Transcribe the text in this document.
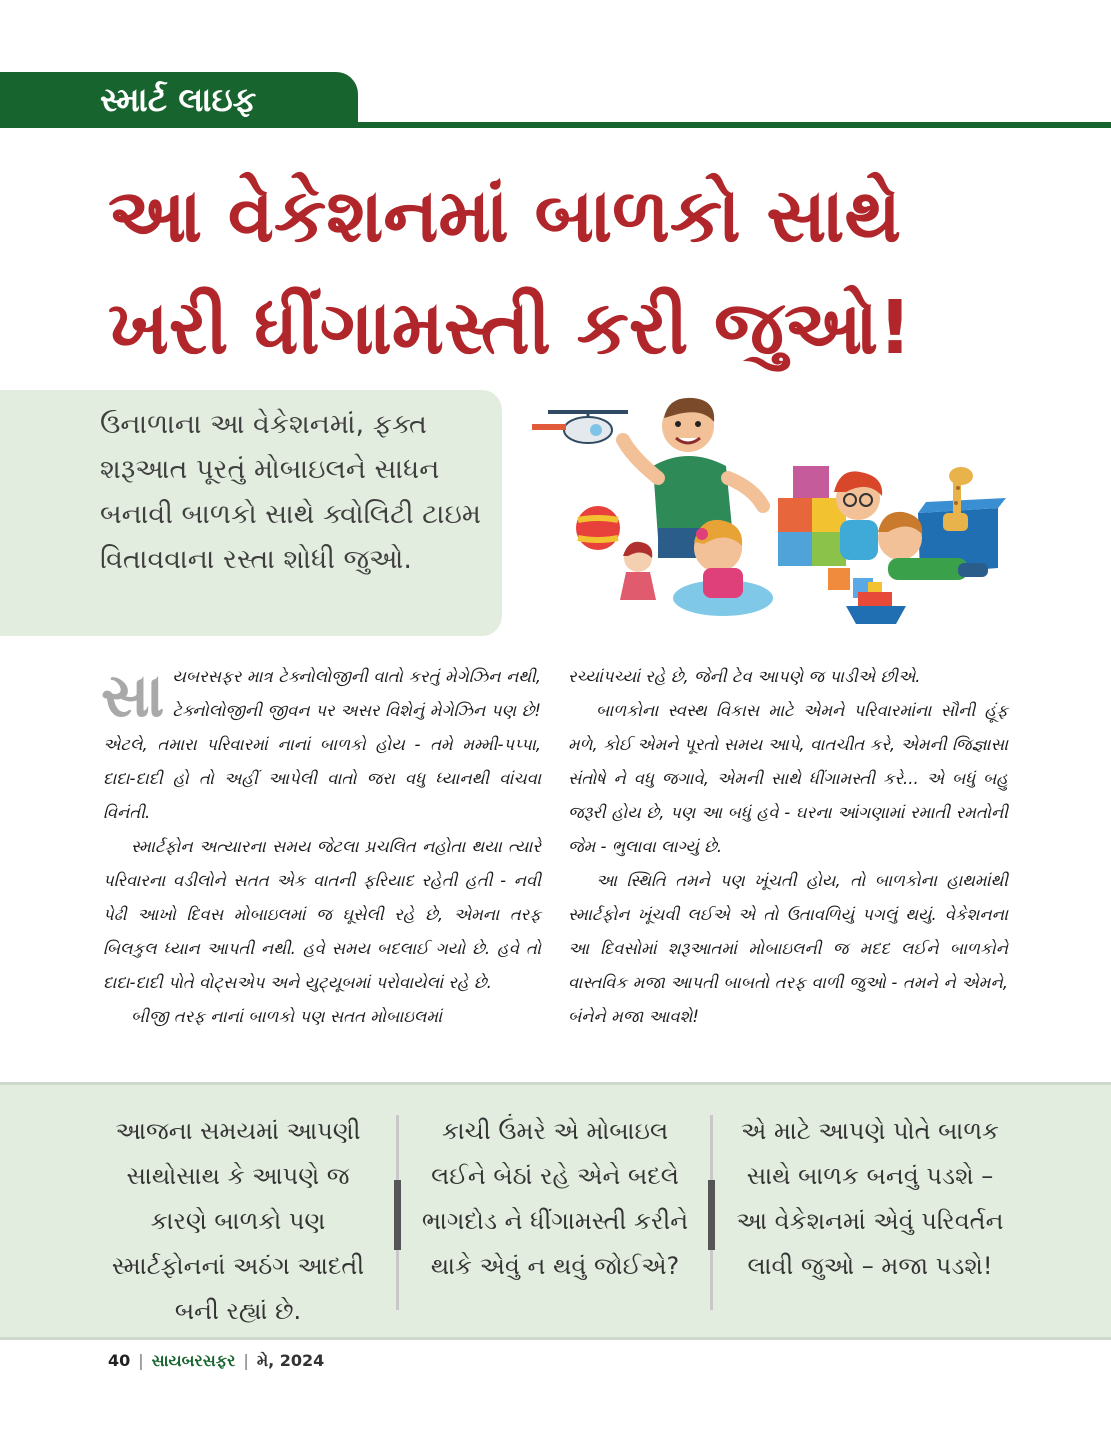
સ્માર્ટ લાઇફ
આ વેકેશનમાં બાળકો સાથે
ખરી ધીંગામસ્તી કરી જુઓ!
ઉનાળાના આ વેકેશનમાં, ફક્ત શરૂઆત પૂરતું મોબાઇલને સાધન બનાવી બાળકો સાથે ક્વોલિટી ટાઇમ વિતાવવાના રસ્તા શોધી જુઓ.

સાયબરસફર માત્ર ટેક્નોલોજીની વાતો કરતું મેગેઝિન નથી, ટેક્નોલોજીની જીવન પર અસર વિશેનું મેગેઝિન પણ છે! એટલે, તમારા પરિવારમાં નાનાં બાળકો હોય - તમે મમ્મી-પપ્પા, દાદા-દાદી હો તો અહીં આપેલી વાતો જરા વધુ ધ્યાનથી વાંચવા વિનંતી.

સ્માર્ટફોન અત્યારના સમય જેટલા પ્રચલિત નહોતા થયા ત્યારે પરિવારના વડીલોને સતત એક વાતની ફરિયાદ રહેતી હતી - નવી પેઢી આખો દિવસ મોબાઇલમાં જ ઘૂસેલી રહે છે, એમના તરફ બિલકુલ ધ્યાન આપતી નથી. હવે સમય બદલાઈ ગયો છે. હવે તો દાદા-દાદી પોતે વોટ્સએપ અને યુટ્યૂબમાં પરોવાયેલાં રહે છે.

બીજી તરફ નાનાં બાળકો પણ સતત મોબાઇલમાં

રચ્યાંપચ્યાં રહે છે, જેની ટેવ આપણે જ પાડીએ છીએ.

બાળકોના સ્વસ્થ વિકાસ માટે એમને પરિવારમાંના સૌની હૂંફ મળે, કોઈ એમને પૂરતો સમય આપે, વાતચીત કરે, એમની જિજ્ઞાસા સંતોષે ને વધુ જગાવે, એમની સાથે ધીંગામસ્તી કરે... એ બધું બહુ જરૂરી હોય છે, પણ આ બધું હવે - ઘરના આંગણામાં રમાતી રમતોની જેમ - ભુલાવા લાગ્યું છે.

આ સ્થિતિ તમને પણ ખૂંચતી હોય, તો બાળકોના હાથમાંથી સ્માર્ટફોન ખૂંચવી લઈએ એ તો ઉતાવળિયું પગલું થયું. વેકેશનના આ દિવસોમાં શરૂઆતમાં મોબાઇલની જ મદદ લઈને બાળકોને વાસ્તવિક મજા આપતી બાબતો તરફ વાળી જુઓ - તમને ને એમને, બંનેને મજા આવશે!

આજના સમયમાં આપણી સાથોસાથ કે આપણે જ કારણે બાળકો પણ સ્માર્ટફોનનાં અઠંગ આદતી બની રહ્યાં છે.
કાચી ઉંમરે એ મોબાઇલ લઈને બેઠાં રહે એને બદલે ભાગદોડ ને ધીંગામસ્તી કરીને થાકે એવું ન થવું જોઈએ?
એ માટે આપણે પોતે બાળક સાથે બાળક બનવું પડશે – આ વેકેશનમાં એવું પરિવર્તન લાવી જુઓ – મજા પડશે!
40 | સાયબરસફર | મે, 2024
